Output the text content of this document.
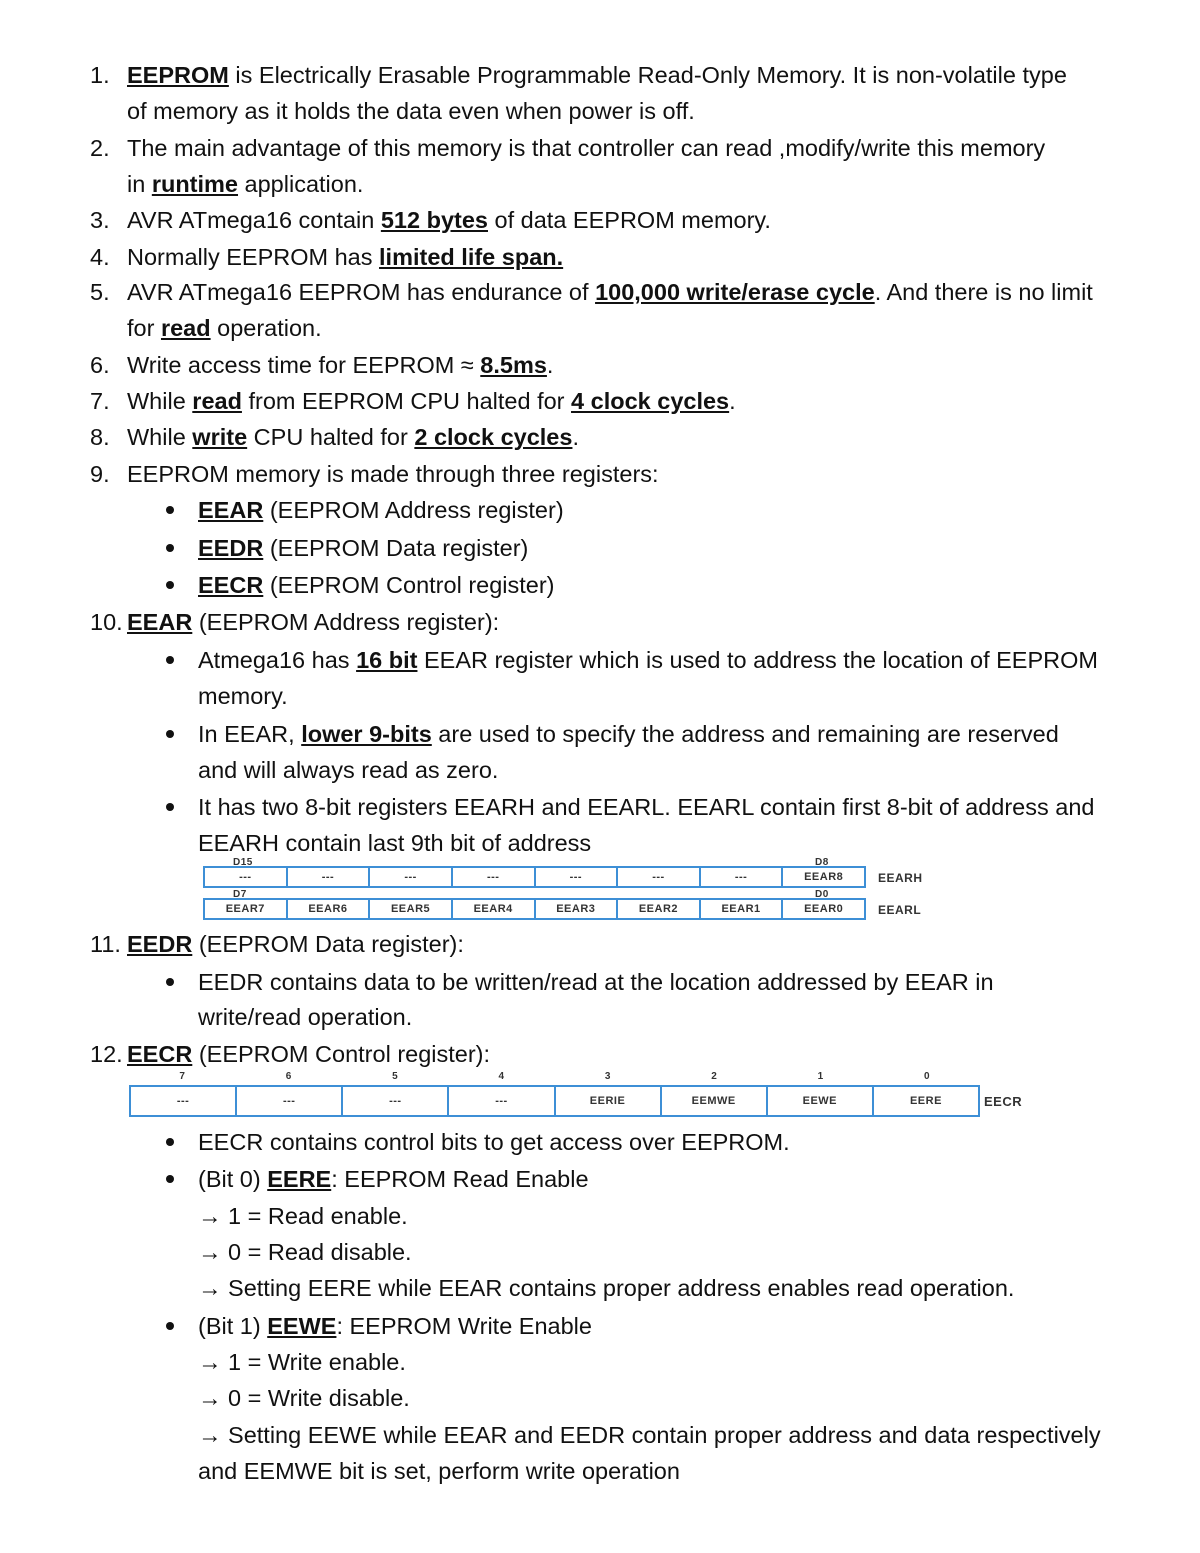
1. EEPROM is Electrically Erasable Programmable Read-Only Memory. It is non-volatile type
of memory as it holds the data even when power is off.
2. The main advantage of this memory is that controller can read ,modify/write this memory
in runtime application.
3. AVR ATmega16 contain 512 bytes of data EEPROM memory.
4. Normally EEPROM has limited life span.
5. AVR ATmega16 EEPROM has endurance of 100,000 write/erase cycle. And there is no limit
for read operation.
6. Write access time for EEPROM ≈ 8.5ms.
7. While read from EEPROM CPU halted for 4 clock cycles.
8. While write CPU halted for 2 clock cycles.
9. EEPROM memory is made through three registers:
EEAR (EEPROM Address register)
EEDR (EEPROM Data register)
EECR (EEPROM Control register)
10. EEAR (EEPROM Address register):
Atmega16 has 16 bit EEAR register which is used to address the location of EEPROM
memory.
In EEAR, lower 9-bits are used to specify the address and remaining are reserved
and will always read as zero.
It has two 8-bit registers EEARH and EEARL. EEARL contain first 8-bit of address and
EEARH contain last 9th bit of address
11. EEDR (EEPROM Data register):
EEDR contains data to be written/read at the location addressed by EEAR in
write/read operation.
12. EECR (EEPROM Control register):
EECR contains control bits to get access over EEPROM.
(Bit 0) EERE: EEPROM Read Enable
→ 1 = Read enable.
→ 0 = Read disable.
→ Setting EERE while EEAR contains proper address enables read operation.
(Bit 1) EEWE: EEPROM Write Enable
→ 1 = Write enable.
→ 0 = Write disable.
→ Setting EEWE while EEAR and EEDR contain proper address and data respectively
and EEMWE bit is set, perform write operation
D15	D8
---	---	---	---	---	---	---	EEAR8	EEARH
D7	D0
EEAR7	EEAR6	EEAR5	EEAR4	EEAR3	EEAR2	EEAR1	EEAR0	EEARL
7	6	5	4	3	2	1	0
---	---	---	---	EERIE	EEMWE	EEWE	EERE	EECR
